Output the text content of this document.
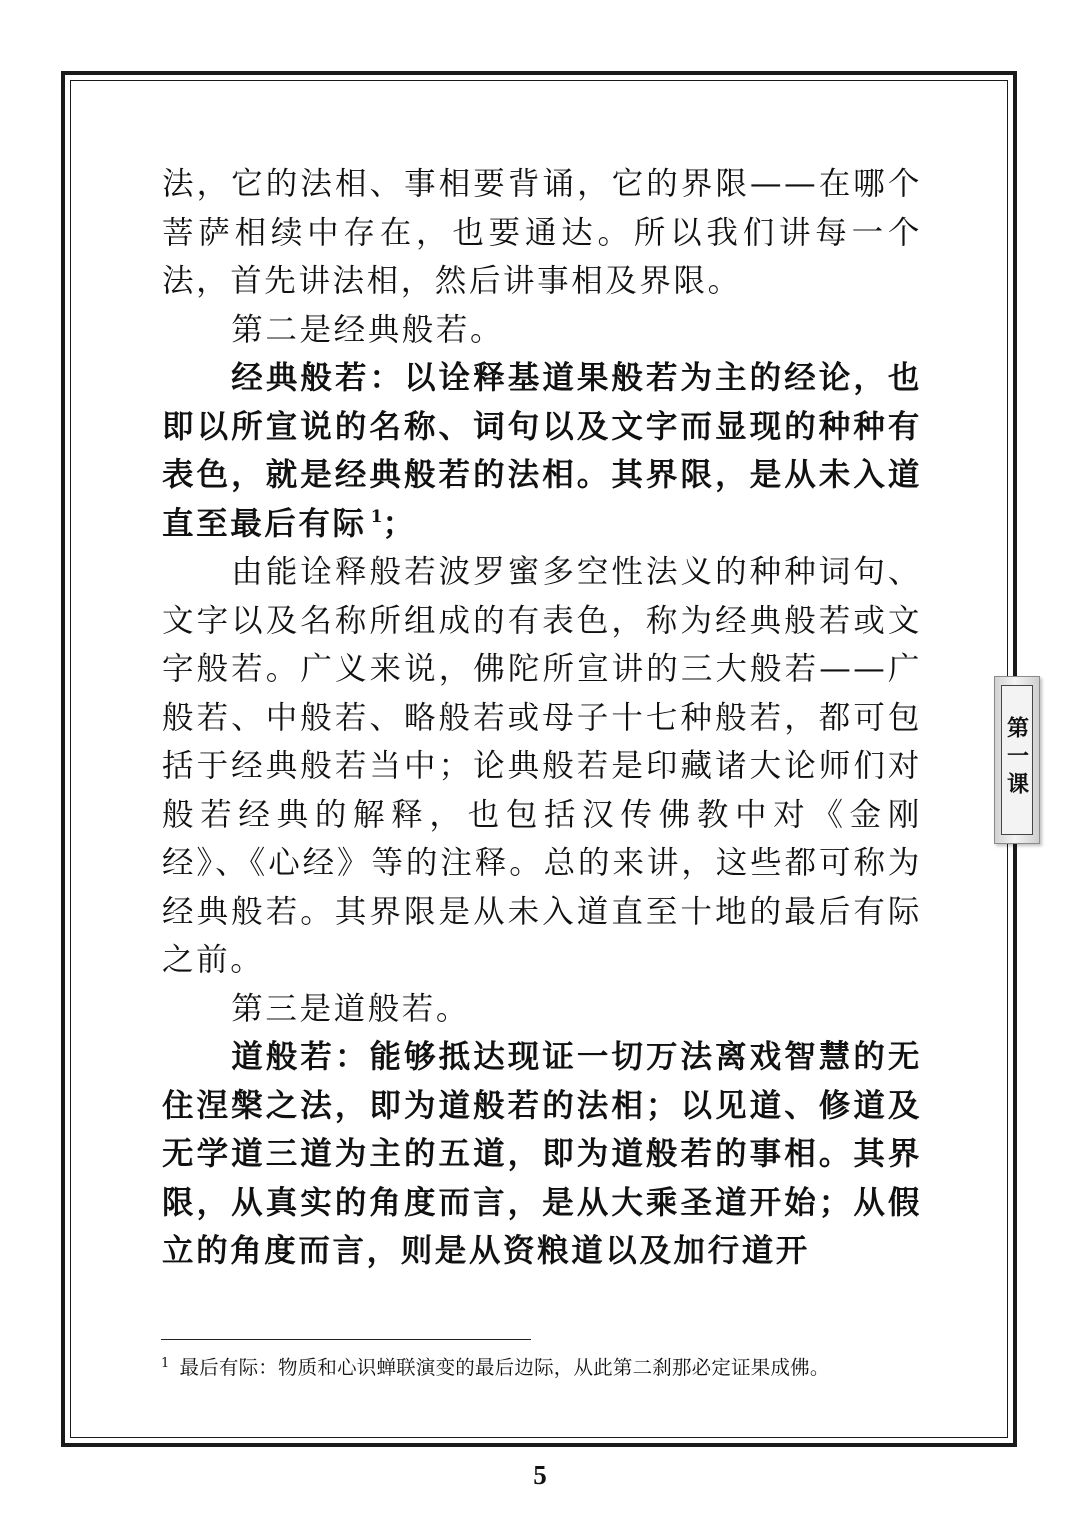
法，它的法相、事相要背诵，它的界限——在哪个菩萨相续中存在，也要通达。所以我们讲每一个法，首先讲法相，然后讲事相及界限。

第二是经典般若。

经典般若：以诠释基道果般若为主的经论，也即以所宣说的名称、词句以及文字而显现的种种有表色，就是经典般若的法相。其界限，是从未入道直至最后有际 $^1$；

由能诠释般若波罗蜜多空性法义的种种词句、文字以及名称所组成的有表色，称为经典般若或文字般若。广义来说，佛陀所宣讲的三大般若——广般若、中般若、略般若或母子十七种般若，都可包括于经典般若当中；论典般若是印藏诸大论师们对般若经典的解释，也包括汉传佛教中对《金刚经》、《心经》等的注释。总的来讲，这些都可称为经典般若。其界限是从未入道直至十地的最后有际之前。

第三是道般若。

道般若：能够抵达现证一切万法离戏智慧的无住涅槃之法，即为道般若的法相；以见道、修道及无学道三道为主的五道，即为道般若的事相。其界限，从真实的角度而言，是从大乘圣道开始；从假立的角度而言，则是从资粮道以及加行道开

第一课
$^1$ 最后有际：物质和心识蝉联演变的最后边际，从此第二刹那必定证果成佛。
5
